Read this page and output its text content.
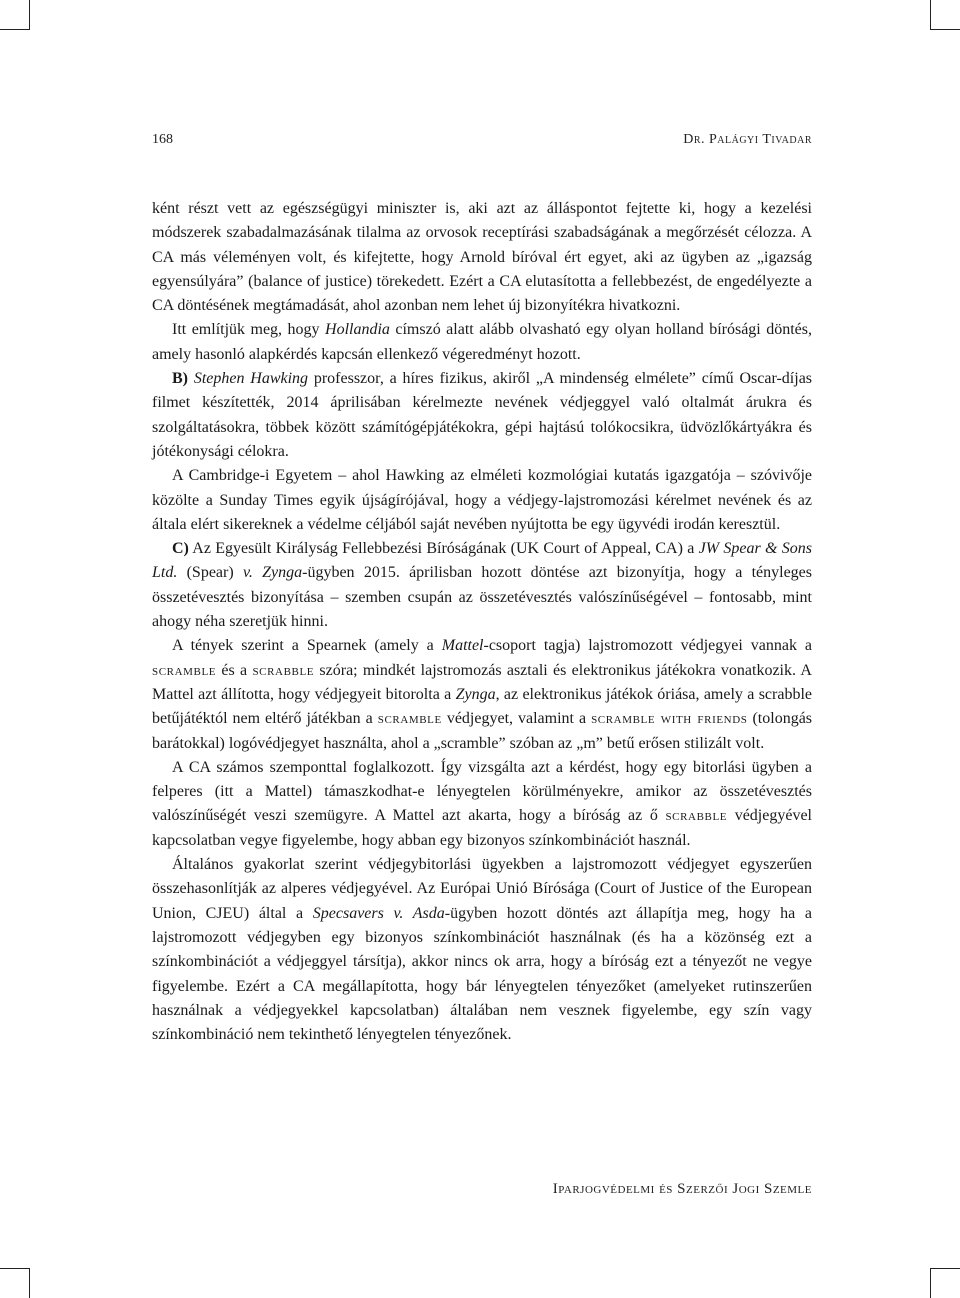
168	Dr. Palágyi Tivadar

ként részt vett az egészségügyi miniszter is, aki azt az álláspontot fejtette ki, hogy a kezelési módszerek szabadalmazásának tilalma az orvosok receptírási szabadságának a megőrzését célozza. A CA más véleményen volt, és kifejtette, hogy Arnold bíróval ért egyet, aki az ügyben az „igazság egyensúlyára” (balance of justice) törekedett. Ezért a CA elutasította a fellebbezést, de engedélyezte a CA döntésének megtámadását, ahol azonban nem lehet új bizonyítékra hivatkozni.

Itt említjük meg, hogy Hollandia címszó alatt alább olvasható egy olyan holland bírósági döntés, amely hasonló alapkérdés kapcsán ellenkező végeredményt hozott.

B) Stephen Hawking professzor, a híres fizikus, akiről „A mindenség elmélete” című Oscar-díjas filmet készítették, 2014 áprilisában kérelmezte nevének védjeggyel való oltalmát árukra és szolgáltatásokra, többek között számítógépjátékokra, gépi hajtású tolókocsikra, üdvözlőkártyákra és jótékonysági célokra.

A Cambridge-i Egyetem – ahol Hawking az elméleti kozmológiai kutatás igazgatója – szóvivője közölte a Sunday Times egyik újságírójával, hogy a védjegy-lajstromozási kérelmet nevének és az általa elért sikereknek a védelme céljából saját nevében nyújtotta be egy ügyvédi irodán keresztül.

C) Az Egyesült Királyság Fellebbezési Bíróságának (UK Court of Appeal, CA) a JW Spear & Sons Ltd. (Spear) v. Zynga-ügyben 2015. áprilisban hozott döntése azt bizonyítja, hogy a tényleges összetévesztés bizonyítása – szemben csupán az összetévesztés valószínűségével – fontosabb, mint ahogy néha szeretjük hinni.

A tények szerint a Spearnek (amely a Mattel-csoport tagja) lajstromozott védjegyei vannak a scramble és a scrabble szóra; mindkét lajstromozás asztali és elektronikus játékokra vonatkozik. A Mattel azt állította, hogy védjegyeit bitorolta a Zynga, az elektronikus játékok óriása, amely a scrabble betűjátéktól nem eltérő játékban a scramble védjegyet, valamint a scramble with friends (tolongás barátokkal) logóvédjegyet használta, ahol a „scramble” szóban az „m” betű erősen stilizált volt.

A CA számos szemponttal foglalkozott. Így vizsgálta azt a kérdést, hogy egy bitorlási ügyben a felperes (itt a Mattel) támaszkodhat-e lényegtelen körülményekre, amikor az összetévesztés valószínűségét veszi szemügyre. A Mattel azt akarta, hogy a bíróság az ő scrabble védjegyével kapcsolatban vegye figyelembe, hogy abban egy bizonyos színkombinációt használ.

Általános gyakorlat szerint védjegybitorlási ügyekben a lajstromozott védjegyet egyszerűen összehasonlítják az alperes védjegyével. Az Európai Unió Bírósága (Court of Justice of the European Union, CJEU) által a Specsavers v. Asda-ügyben hozott döntés azt állapítja meg, hogy ha a lajstromozott védjegyben egy bizonyos színkombinációt használnak (és ha a közönség ezt a színkombinációt a védjeggyel társítja), akkor nincs ok arra, hogy a bíróság ezt a tényezőt ne vegye figyelembe. Ezért a CA megállapította, hogy bár lényegtelen tényezőket (amelyeket rutinszerűen használnak a védjegyekkel kapcsolatban) általában nem vesznek figyelembe, egy szín vagy színkombináció nem tekinthető lényegtelen tényezőnek.

Iparjogvédelmi és Szerzői Jogi Szemle
